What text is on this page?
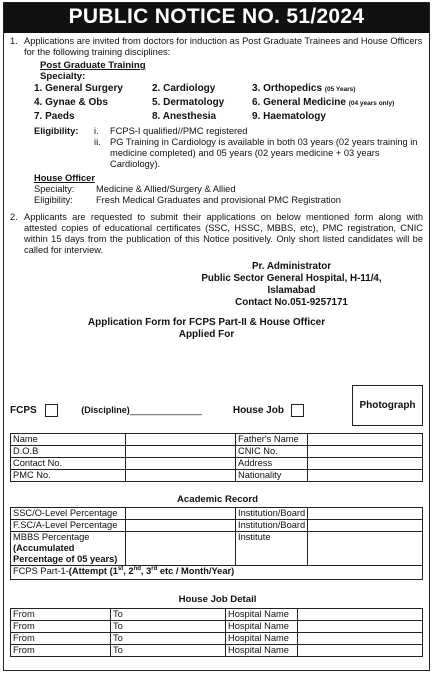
PUBLIC NOTICE NO. 51/2024
1. Applications are invited from doctors for induction as Post Graduate Trainees and House Officers for the following training disciplines:
Post Graduate Training
Specialty:
1. General Surgery	2. Cardiology	3. Orthopedics (05 Years)
4. Gynae & Obs	5. Dermatology	6. General Medicine (04 years only)
7. Paeds	8. Anesthesia	9. Haematology
Eligibility:	i.	FCPS-I qualified//PMC registered
ii. PG Training in Cardiology is available in both 03 years (02 years training in medicine completed) and 05 years (02 years medicine + 03 years Cardiology).
House Officer
Specialty:	Medicine & Allied/Surgery & Allied
Eligibility:	Fresh Medical Graduates and provisional PMC Registration
2. Applicants are requested to submit their applications on below mentioned form along with attested copies of educational certificates (SSC, HSSC, MBBS, etc), PMC registration, CNIC within 15 days from the publication of this Notice positively. Only short listed candidates will be called for interview.
Pr. Administrator
Public Sector General Hospital, H-11/4,
Islamabad
Contact No.051-9257171
Application Form for FCPS Part-II & House Officer
Applied For
Photograph
FCPS	(Discipline)_____________	House Job
Name		Father's Name	
D.O.B		CNIC No.	
Contact No.		Address	
PMC No.		Nationality	
Academic Record
SSC/O-Level Percentage		Institution/Board	
F.SC/A-Level Percentage		Institution/Board	
MBBS Percentage (Accumulated Percentage of 05 years)		Institute	
FCPS Part-1-(Attempt (1st, 2nd, 3rd etc / Month/Year)			
House Job Detail
From	To	Hospital Name	
From	To	Hospital Name	
From	To	Hospital Name	
From	To	Hospital Name	
